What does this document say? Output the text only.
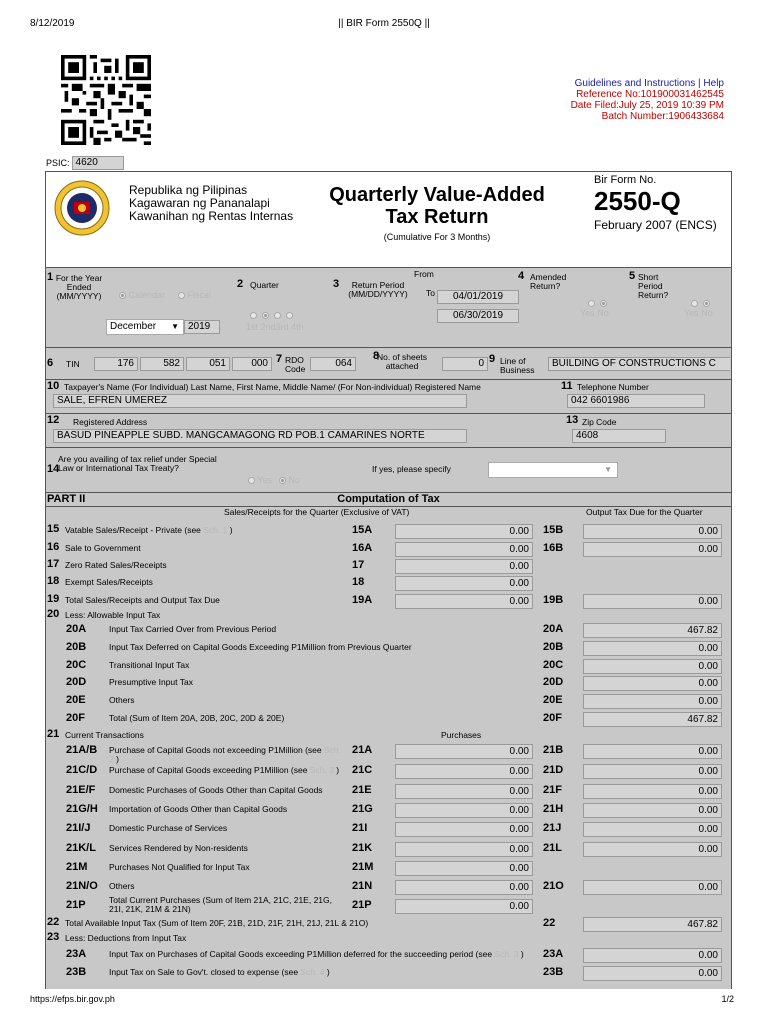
8/12/2019	|| BIR Form 2550Q ||
Guidelines and Instructions | Help
Reference No:101900031462545
Date Filed:July 25, 2019 10:39 PM
Batch Number:1906433684
PSIC: 4620
Republika ng Pilipinas
Kagawaran ng Pananalapi
Kawanihan ng Rentas Internas
Quarterly Value-Added
Tax Return
(Cumulative For 3 Months)
Bir Form No.
2550-Q
February 2007 (ENCS)
1 For the Year Ended (MM/YYYY)	Calendar	Fiscal
December ▼ 2019
2 Quarter

1st 2nd3rd 4th
3	Return Period (MM/DD/YYYY)
From
To	04/01/2019
06/30/2019
4 Amended Return?

Yes No
5 Short Period Return?

Yes No
6 TIN	176	582	051	000 7 RDO Code	064
8
No. of sheets attached	0 9 Line of Business
BUILDING OF CONSTRUCTIONS C
10 Taxpayer's Name (For Individual) Last Name, First Name, Middle Name/ (For Non-individual) Registered Name
SALE, EFREN UMEREZ
11 Telephone Number
042 6601986
12 Registered Address
BASUD PINEAPPLE SUBD. MANGCAMAGONG RD POB.1 CAMARINES NORTE
13 Zip Code
4608
14
Are you availing of tax relief under Special Law or International Tax Treaty?
Yes	No
If yes, please specify	▼
PART II	Computation of Tax
Sales/Receipts for the Quarter (Exclusive of VAT)	Output Tax Due for the Quarter
Purchases
15 Vatable Sales/Receipt - Private (see Sch. 1 )	15A	0.00	15B	0.00
16 Sale to Government	16A	0.00	16B	0.00
17 Zero Rated Sales/Receipts	17	0.00
18 Exempt Sales/Receipts	18	0.00
19 Total Sales/Receipts and Output Tax Due	19A	0.00	19B	0.00
20 Less: Allowable Input Tax
20A	Input Tax Carried Over from Previous Period	20A	467.82
20B	Input Tax Deferred on Capital Goods Exceeding P1Million from Previous Quarter	20B	0.00
20C	Transitional Input Tax	20C	0.00
20D	Presumptive Input Tax	20D	0.00
20E	Others	20E	0.00
20F	Total (Sum of Item 20A, 20B, 20C, 20D & 20E)	20F	467.82
21 Current Transactions
21A/B Purchase of Capital Goods not exceeding P1Million (see Sch. 2 )
21A	0.00	21B	0.00
21C/D Purchase of Capital Goods exceeding P1Million (see Sch. 3 )	21C	0.00	21D	0.00
21E/F Domestic Purchases of Goods Other than Capital Goods	21E	0.00	21F	0.00
21G/H Importation of Goods Other than Capital Goods	21G	0.00	21H	0.00
21I/J Domestic Purchase of Services	21I	0.00	21J	0.00
21K/L Services Rendered by Non-residents	21K	0.00	21L	0.00
21M	Purchases Not Qualified for Input Tax	21M	0.00
21N/O Others	21N	0.00	21O	0.00
21P	Total Current Purchases (Sum of Item 21A, 21C, 21E, 21G, 21I, 21K, 21M & 21N)	21P	0.00
22 Total Available Input Tax (Sum of Item 20F, 21B, 21D, 21F, 21H, 21J, 21L & 21O)	22	467.82
23 Less: Deductions from Input Tax
23A	Input Tax on Purchases of Capital Goods exceeding P1Million deferred for the succeeding period (see Sch. 3 )	23A	0.00
23B	Input Tax on Sale to Gov't. closed to expense (see Sch. 4 )	23B	0.00
https://efps.bir.gov.ph	1/2
